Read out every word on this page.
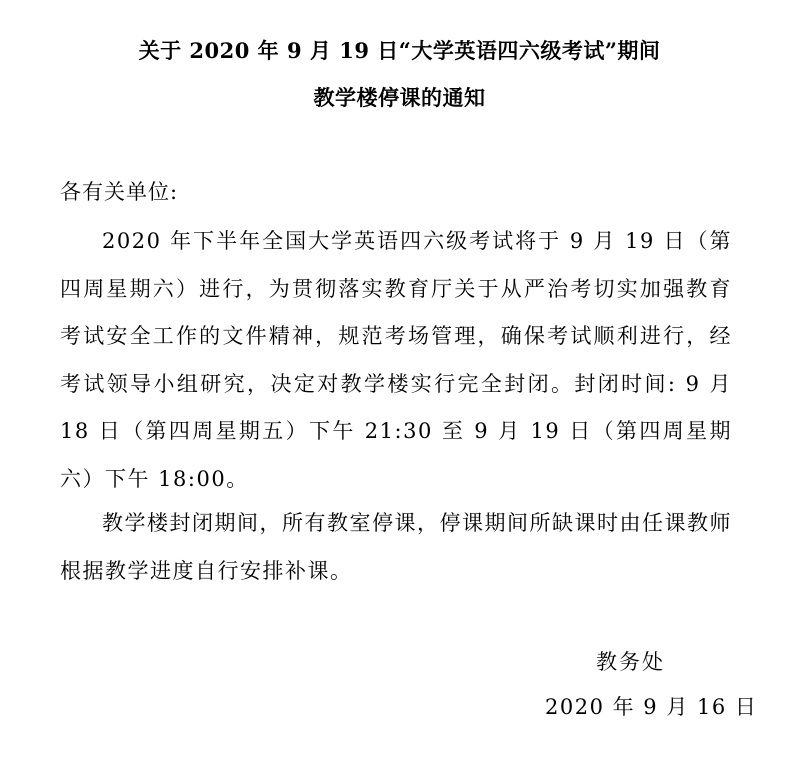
关于 2020 年 9 月 19 日“大学英语四六级考试”期间
教学楼停课的通知
各有关单位:

2020 年下半年全国大学英语四六级考试将于 9 月 19 日（第四周星期六）进行，为贯彻落实教育厅关于从严治考切实加强教育考试安全工作的文件精神，规范考场管理，确保考试顺利进行，经考试领导小组研究，决定对教学楼实行完全封闭。封闭时间: 9 月 18 日（第四周星期五）下午 21:30 至 9 月 19 日（第四周星期六）下午 18:00。

教学楼封闭期间，所有教室停课，停课期间所缺课时由任课教师根据教学进度自行安排补课。

教务处
2020 年 9 月 16 日
